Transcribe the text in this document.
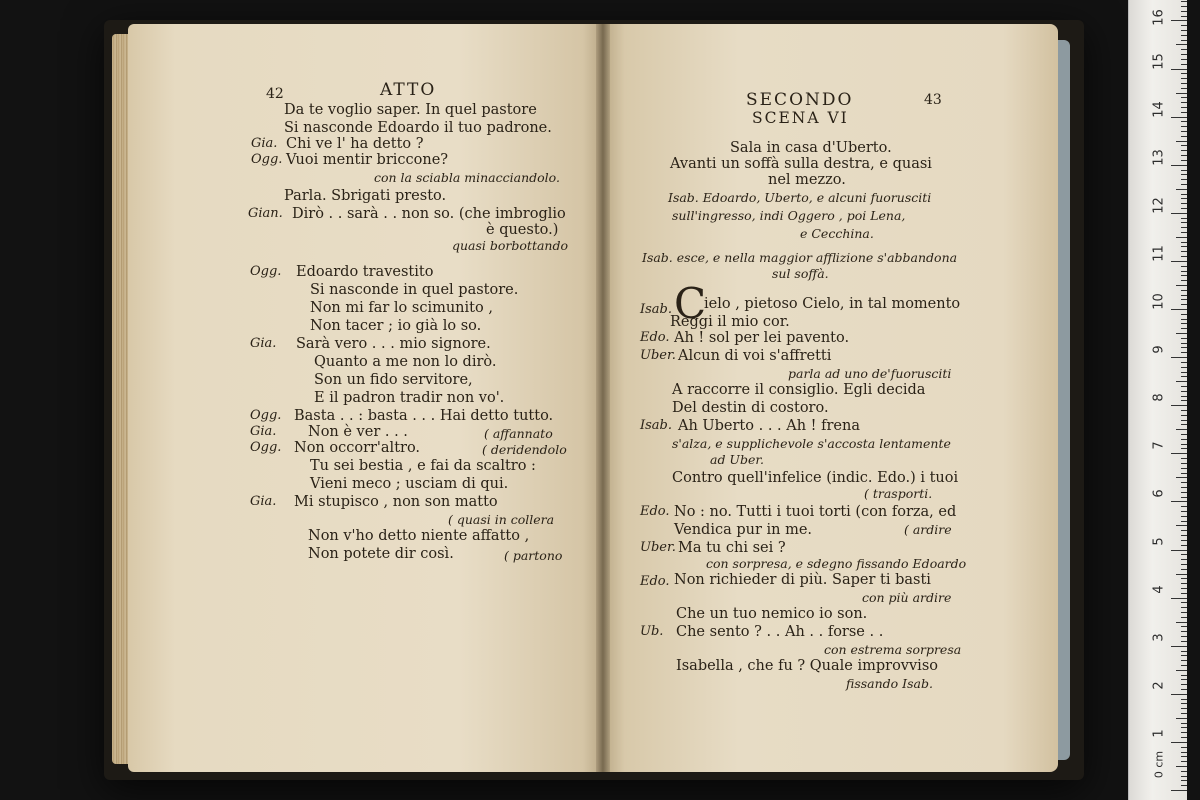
42	ATTO
Da te voglio saper. In quel pastore
Si nasconde Edoardo il tuo padrone.
Gia. Chi ve l' ha detto ?
Ogg. Vuoi mentir briccone?
con la sciabla minacciandolo.
Parla. Sbrigati presto.
Gian. Dirò . . sarà . . non so. (che imbroglio
è questo.)
quasi borbottando
Ogg. Edoardo travestito
Si nasconde in quel pastore.
Non mi far lo scimunito ,
Non tacer ; io già lo so.
Gia. Sarà vero . . . mio signore.
Quanto a me non lo dirò.
Son un fido servitore,
E il padron tradir non vo'.
Ogg. Basta . . : basta . . . Hai detto tutto.
Gia. Non è ver . . .	( affannato
Ogg. Non occorr'altro.	( deridendolo
Tu sei bestia , e fai da scaltro :
Vieni meco ; usciam di qui.
Gia. Mi stupisco , non son matto
( quasi in collera
Non v'ho detto niente affatto ,
Non potete dir così.	( partono
SECONDO	43
SCENA VI
Sala in casa d'Uberto.
Avanti un soffà sulla destra, e quasi
nel mezzo.
Isab. Edoardo, Uberto, e alcuni fuorusciti
sull'ingresso, indi Oggero , poi Lena,
e Cecchina.
Isab. esce, e nella maggior afflizione s'abbandona
sul soffà.
Isab. C
ielo , pietoso Cielo, in tal momento
Reggi il mio cor.
Edo. Ah ! sol per lei pavento.
Uber. Alcun di voi s'affretti
parla ad uno de'fuorusciti
A raccorre il consiglio. Egli decida
Del destin di costoro.
Isab. Ah Uberto . . . Ah ! frena
s'alza, e supplichevole s'accosta lentamente
ad Uber.
Contro quell'infelice (indic. Edo.) i tuoi
( trasporti.
Edo. No : no. Tutti i tuoi torti (con forza, ed
Vendica pur in me.	( ardire
Uber. Ma tu chi sei ?
con sorpresa, e sdegno fissando Edoardo
Edo. Non richieder di più. Saper ti basti
con più ardire
Che un tuo nemico io son.
Ub. Che sento ? . . Ah . . forse . .
con estrema sorpresa
Isabella , che fu ? Quale improvviso
fissando Isab.
0 cm
1
2
3
4
5
6
7
8
9
10
11
12
13
14
15
16
